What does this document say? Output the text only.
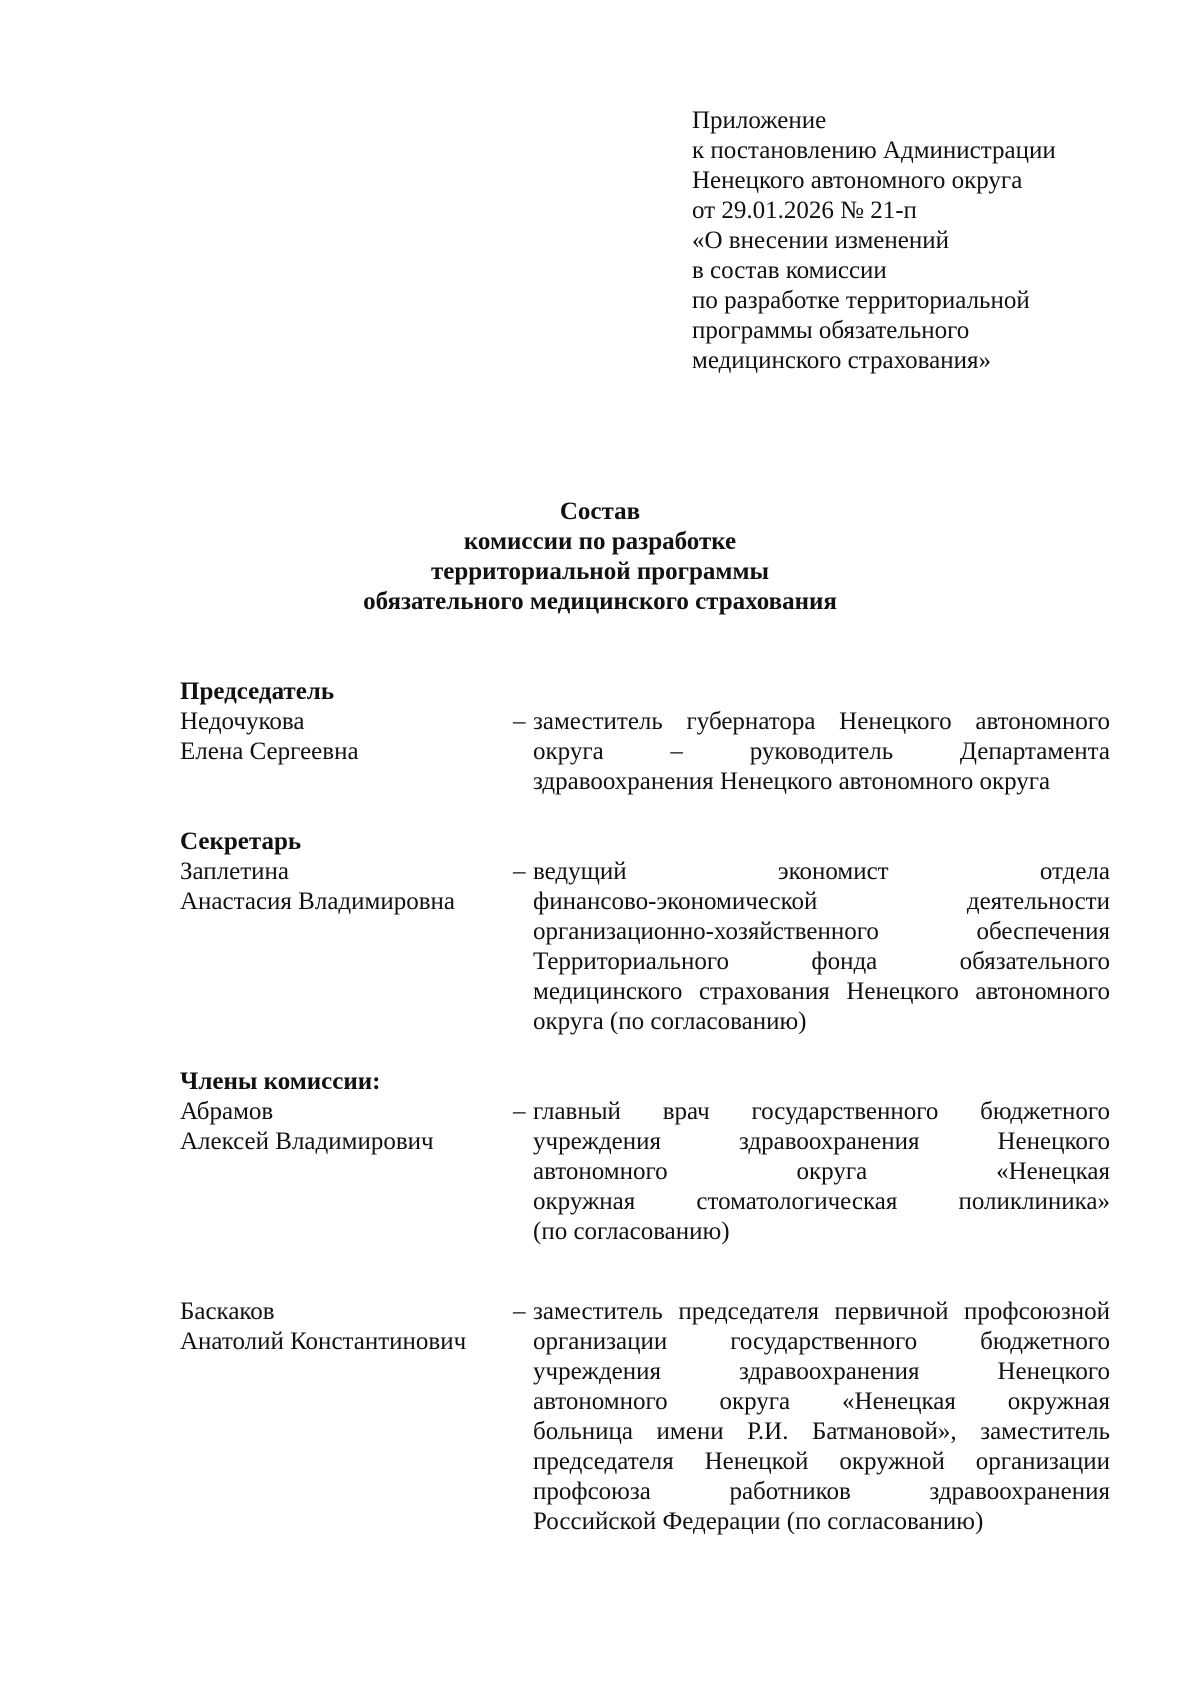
Приложение
к постановлению Администрации
Ненецкого автономного округа
от 29.01.2026 № 21-п
«О внесении изменений
в состав комиссии
по разработке территориальной
программы обязательного
медицинского страхования»
Состав
комиссии по разработке
территориальной программы
обязательного медицинского страхования
Председатель
Недочукова
Елена Сергеевна
– заместитель губернатора Ненецкого автономного
округа – руководитель Департамента
здравоохранения Ненецкого автономного округа
Секретарь
Заплетина
Анастасия Владимировна
– ведущий экономист отдела
финансово-экономической деятельности
организационно-хозяйственного обеспечения
Территориального фонда обязательного
медицинского страхования Ненецкого автономного
округа (по согласованию)
Члены комиссии:
Абрамов
Алексей Владимирович
– главный врач государственного бюджетного
учреждения здравоохранения Ненецкого
автономного округа «Ненецкая
окружная стоматологическая поликлиника»
(по согласованию)
Баскаков
Анатолий Константинович
– заместитель председателя первичной профсоюзной
организации государственного бюджетного
учреждения здравоохранения Ненецкого
автономного округа «Ненецкая окружная
больница имени Р.И. Батмановой», заместитель
председателя Ненецкой окружной организации
профсоюза работников здравоохранения
Российской Федерации (по согласованию)
